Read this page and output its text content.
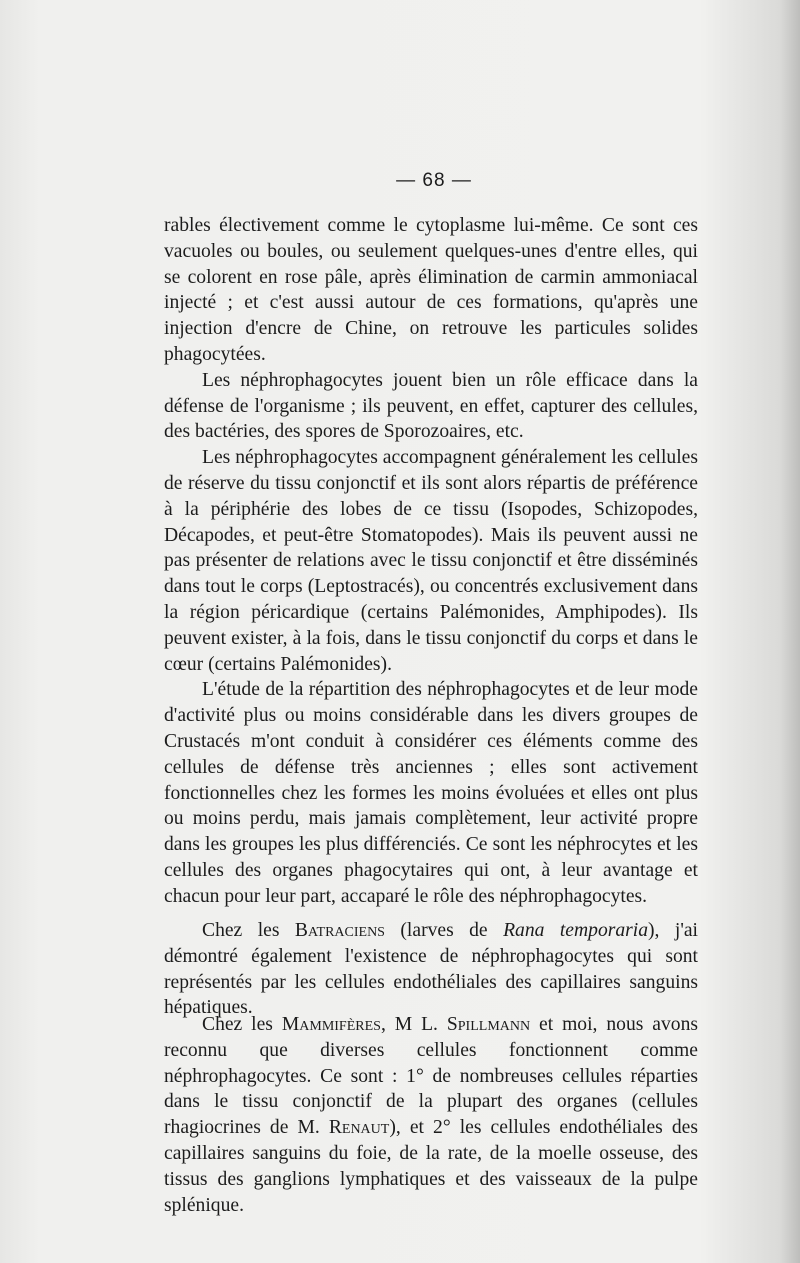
— 68 —

rables électivement comme le cytoplasme lui-même. Ce sont ces vacuoles ou boules, ou seulement quelques-unes d'entre elles, qui se colorent en rose pâle, après élimination de carmin ammoniacal injecté ; et c'est aussi autour de ces formations, qu'après une injection d'encre de Chine, on retrouve les particules solides phagocytées.

Les néphrophagocytes jouent bien un rôle efficace dans la défense de l'organisme ; ils peuvent, en effet, capturer des cellules, des bactéries, des spores de Sporozoaires, etc.

Les néphrophagocytes accompagnent généralement les cellules de réserve du tissu conjonctif et ils sont alors répartis de préférence à la périphérie des lobes de ce tissu (Isopodes, Schizopodes, Décapodes, et peut-être Stomatopodes). Mais ils peuvent aussi ne pas présenter de relations avec le tissu conjonctif et être disséminés dans tout le corps (Leptostracés), ou concentrés exclusivement dans la région péricardique (certains Palémonides, Amphipodes). Ils peuvent exister, à la fois, dans le tissu conjonctif du corps et dans le cœur (certains Palémonides).

L'étude de la répartition des néphrophagocytes et de leur mode d'activité plus ou moins considérable dans les divers groupes de Crustacés m'ont conduit à considérer ces éléments comme des cellules de défense très anciennes ; elles sont activement fonctionnelles chez les formes les moins évoluées et elles ont plus ou moins perdu, mais jamais complètement, leur activité propre dans les groupes les plus différenciés. Ce sont les néphrocytes et les cellules des organes phagocytaires qui ont, à leur avantage et chacun pour leur part, accaparé le rôle des néphrophagocytes.

Chez les Batraciens (larves de Rana temporaria), j'ai démontré également l'existence de néphrophagocytes qui sont représentés par les cellules endothéliales des capillaires sanguins hépatiques.

Chez les Mammifères, M L. Spillmann et moi, nous avons reconnu que diverses cellules fonctionnent comme néphrophagocytes. Ce sont : 1° de nombreuses cellules réparties dans le tissu conjonctif de la plupart des organes (cellules rhagiocrines de M. Renaut), et 2° les cellules endothéliales des capillaires sanguins du foie, de la rate, de la moelle osseuse, des tissus des ganglions lymphatiques et des vaisseaux de la pulpe splénique.
